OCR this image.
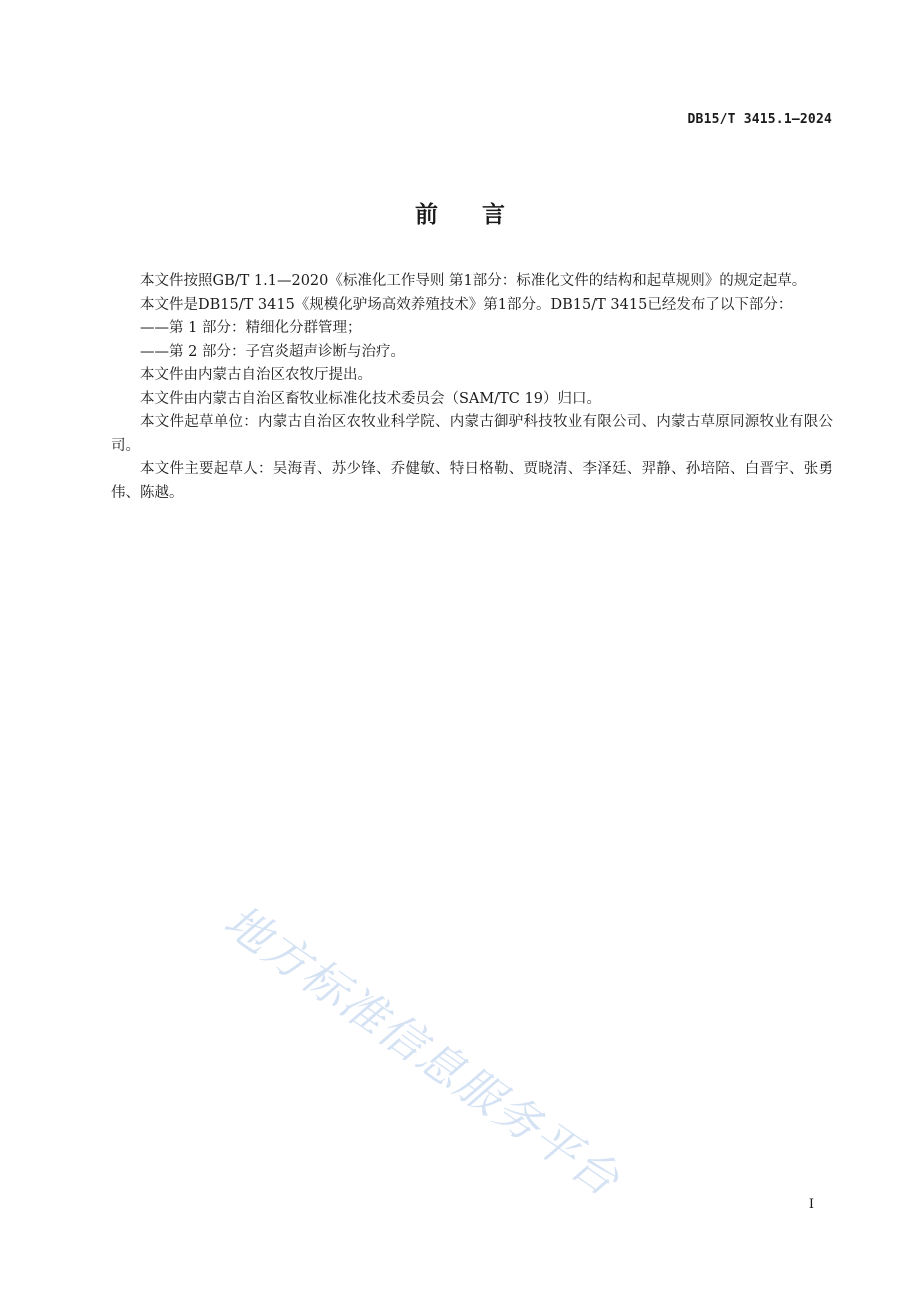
DB15/T 3415.1—2024
前 言

本文件按照GB/T 1.1—2020《标准化工作导则 第1部分：标准化文件的结构和起草规则》的规定起草。

本文件是DB15/T 3415《规模化驴场高效养殖技术》第1部分。DB15/T 3415已经发布了以下部分：

——第 1 部分：精细化分群管理；

——第 2 部分：子宫炎超声诊断与治疗。

本文件由内蒙古自治区农牧厅提出。

本文件由内蒙古自治区畜牧业标准化技术委员会（SAM/TC 19）归口。

本文件起草单位：内蒙古自治区农牧业科学院、内蒙古御驴科技牧业有限公司、内蒙古草原同源牧业有限公司。

本文件主要起草人：吴海青、苏少锋、乔健敏、特日格勒、贾晓清、李泽廷、羿静、孙培陪、白晋宇、张勇伟、陈越。

地方标准信息服务平台	I
